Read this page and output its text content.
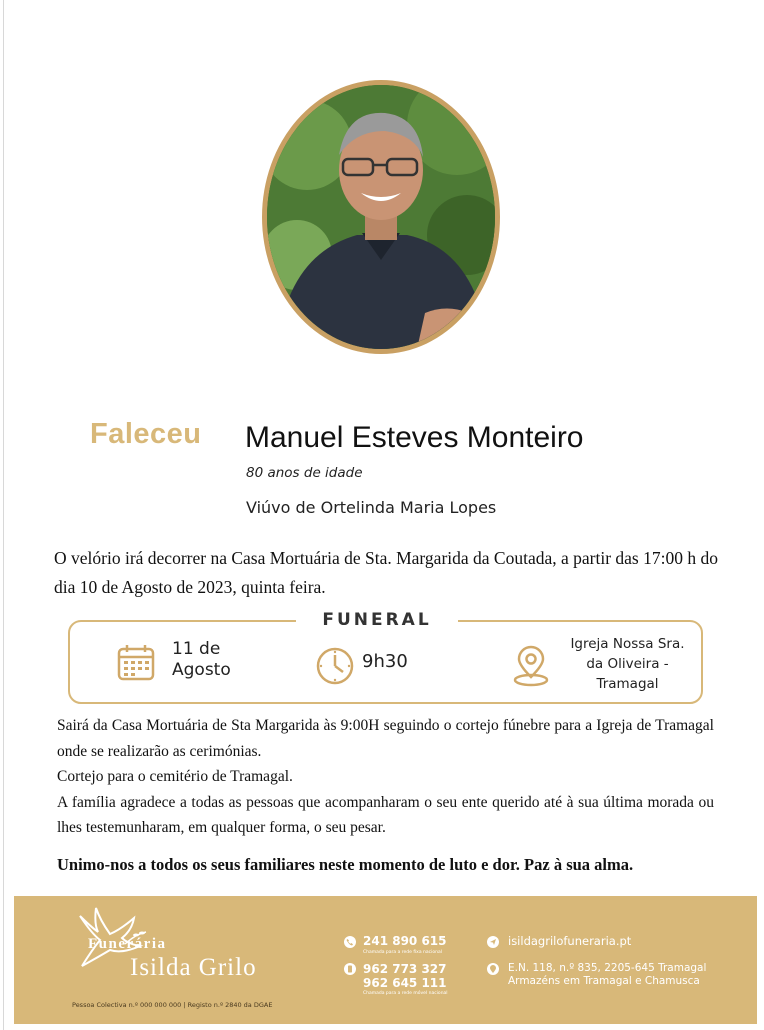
Faleceu Manuel Esteves Monteiro
80 anos de idade
Viúvo de Ortelinda Maria Lopes
O velório irá decorrer na Casa Mortuária de Sta. Margarida da Coutada, a partir das 17:00 h do dia 10 de Agosto de 2023, quinta feira.
FUNERAL
11 de
Agosto	9h30
Igreja Nossa Sra.
da Oliveira -
Tramagal
Sairá da Casa Mortuária de Sta Margarida às 9:00H seguindo o cortejo fúnebre para a Igreja de Tramagal onde se realizarão as cerimónias.
Cortejo para o cemitério de Tramagal.
A família agradece a todas as pessoas que acompanharam o seu ente querido até à sua última morada ou lhes testemunharam, em qualquer forma, o seu pesar.
Unimo-nos a todos os seus familiares neste momento de luto e dor. Paz à sua alma.
Funerária
Isilda Grilo
Pessoa Colectiva n.º 000 000 000 | Registo n.º 2840 da DGAE
241 890 615
Chamada para a rede fixa nacional
962 773 327
962 645 111
Chamada para a rede móvel nacional
isildagrilofuneraria.pt
E.N. 118, n.º 835, 2205-645 Tramagal
Armazéns em Tramagal e Chamusca
